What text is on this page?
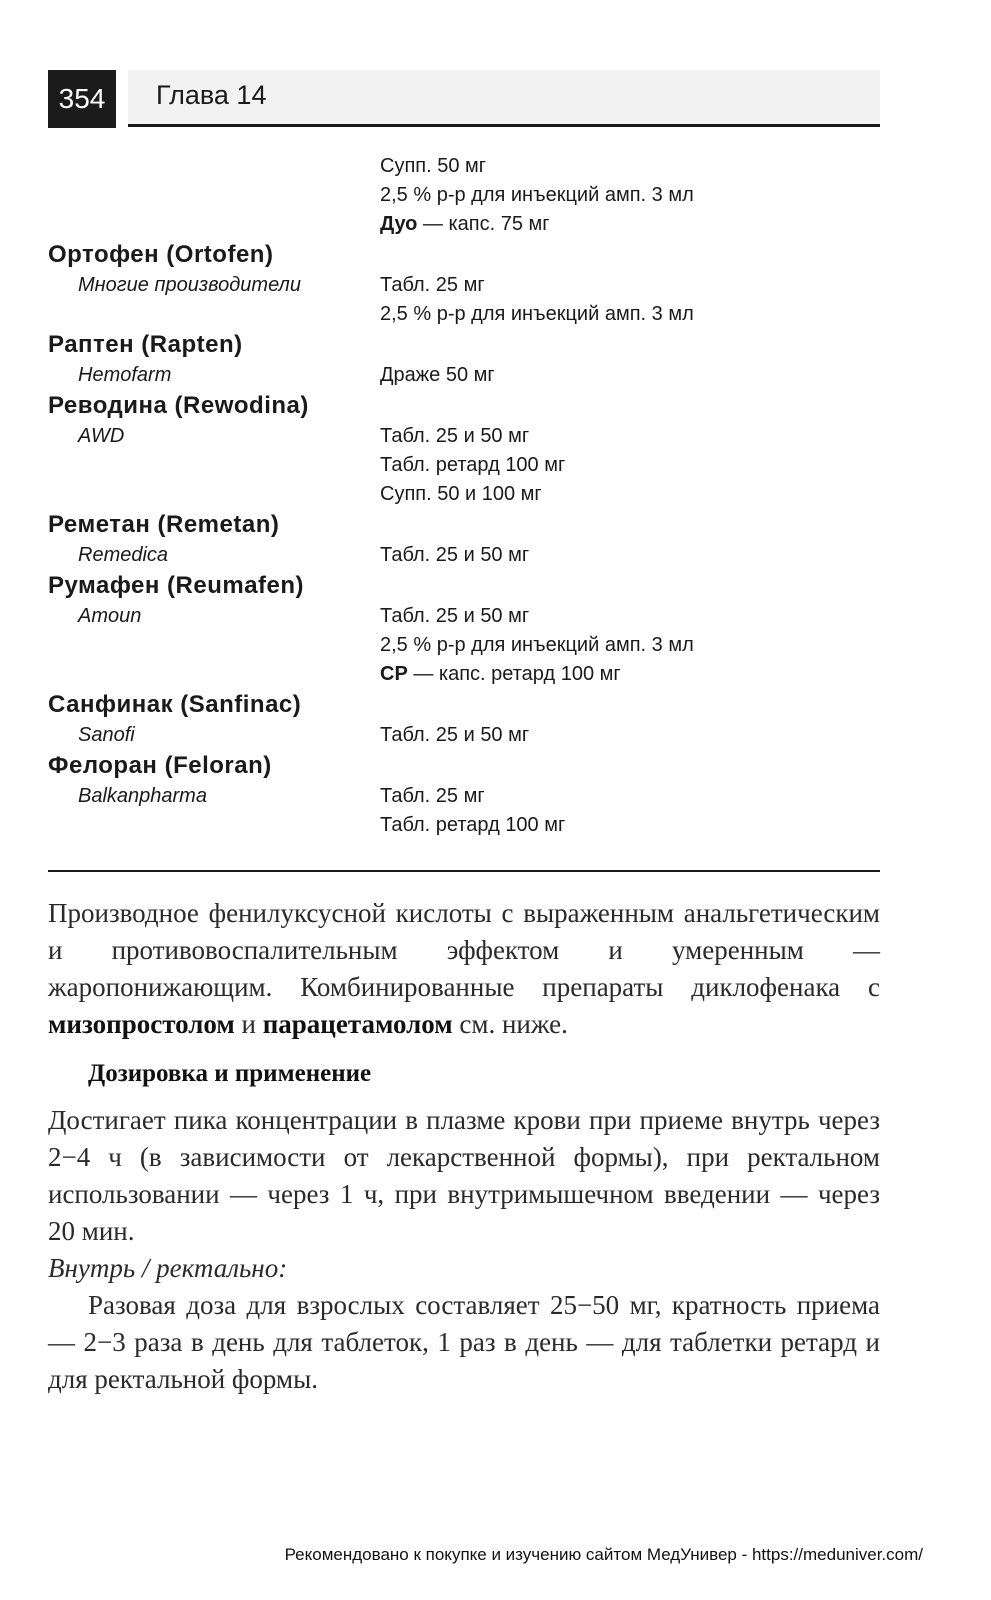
354	Глава 14
Супп. 50 мг
2,5 % р-р для инъекций амп. 3 мл
Дуо — капс. 75 мг
Ортофен (Ortofen)
Многие производители	Табл. 25 мг
2,5 % р-р для инъекций амп. 3 мл
Раптен (Rapten)
Hemofarm	Драже 50 мг
Реводина (Rewodina)
AWD	Табл. 25 и 50 мг
Табл. ретард 100 мг
Супп. 50 и 100 мг
Реметан (Remetan)
Remedica	Табл. 25 и 50 мг
Румафен (Reumafen)
Amoun	Табл. 25 и 50 мг
2,5 % р-р для инъекций амп. 3 мл
СР — капс. ретард 100 мг
Санфинак (Sanfinac)
Sanofi	Табл. 25 и 50 мг
Фелоран (Feloran)
Balkanpharma	Табл. 25 мг
Табл. ретард 100 мг

Производное фенилуксусной кислоты с выраженным анальгетическим и противовоспалительным эффектом и умеренным — жаропонижающим. Комбинированные препараты диклофенака с мизопростолом и парацетамолом см. ниже.

Дозировка и применение

Достигает пика концентрации в плазме крови при приеме внутрь через 2−4 ч (в зависимости от лекарственной формы), при ректальном использовании — через 1 ч, при внутримышечном введении — через 20 мин.

Внутрь / ректально:

Разовая доза для взрослых составляет 25−50 мг, кратность приема — 2−3 раза в день для таблеток, 1 раз в день — для таблетки ретард и для ректальной формы.

Рекомендовано к покупке и изучению сайтом МедУнивер - https://meduniver.com/
